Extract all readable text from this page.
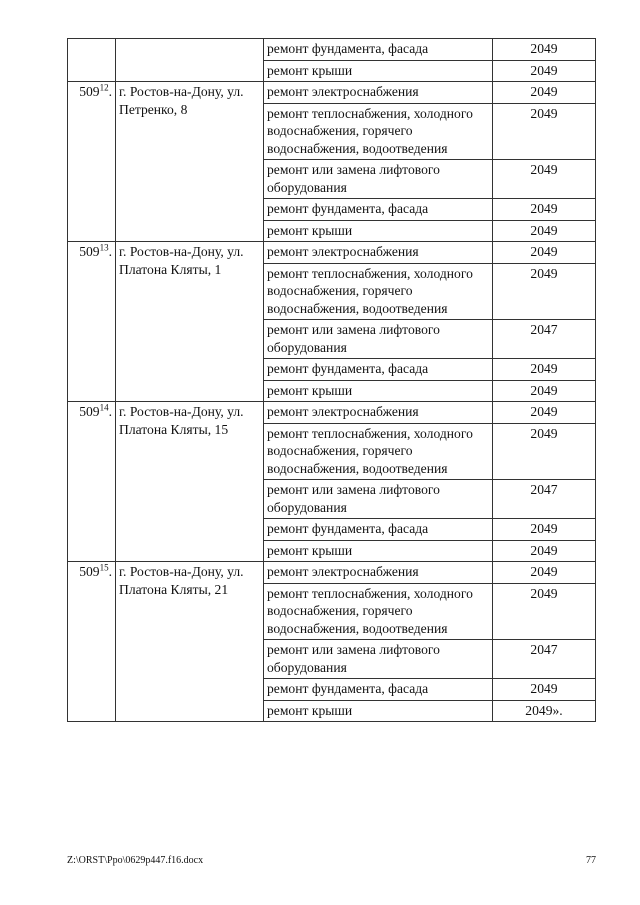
		ремонт фундамента, фасада	2049
		ремонт крыши	2049
$509^{12}$.	г. Ростов-на-Дону, ул. Петренко, 8	ремонт электроснабжения	2049
		ремонт теплоснабжения, холодного водоснабжения, горячего водоснабжения, водоотведения	2049
		ремонт или замена лифтового оборудования	2049
		ремонт фундамента, фасада	2049
		ремонт крыши	2049
$509^{13}$.	г. Ростов-на-Дону, ул. Платона Кляты, 1	ремонт электроснабжения	2049
		ремонт теплоснабжения, холодного водоснабжения, горячего водоснабжения, водоотведения	2049
		ремонт или замена лифтового оборудования	2047
		ремонт фундамента, фасада	2049
		ремонт крыши	2049
$509^{14}$.	г. Ростов-на-Дону, ул. Платона Кляты, 15	ремонт электроснабжения	2049
		ремонт теплоснабжения, холодного водоснабжения, горячего водоснабжения, водоотведения	2049
		ремонт или замена лифтового оборудования	2047
		ремонт фундамента, фасада	2049
		ремонт крыши	2049
$509^{15}$.	г. Ростов-на-Дону, ул. Платона Кляты, 21	ремонт электроснабжения	2049
		ремонт теплоснабжения, холодного водоснабжения, горячего водоснабжения, водоотведения	2049
		ремонт или замена лифтового оборудования	2047
		ремонт фундамента, фасада	2049
		ремонт крыши	2049».
Z:\ORST\Ppo\0629p447.f16.docx	77
